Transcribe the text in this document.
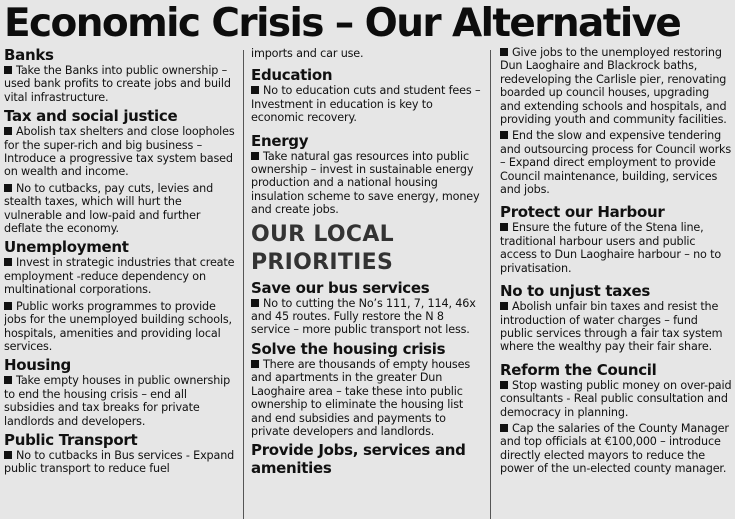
Economic Crisis – Our Alternative
Banks

Take the Banks into public ownership – used bank profits to create jobs and build vital infrastructure.

Tax and social justice

Abolish tax shelters and close loopholes for the super-rich and big business – Introduce a progressive tax system based on wealth and income.

No to cutbacks, pay cuts, levies and stealth taxes, which will hurt the vulnerable and low-paid and further deflate the economy.

Unemployment

Invest in strategic industries that create employment -reduce dependency on multinational corporations.

Public works programmes to provide jobs for the unemployed building schools, hospitals, amenities and providing local services.

Housing

Take empty houses in public ownership to end the housing crisis – end all subsidies and tax breaks for private landlords and developers.

Public Transport

No to cutbacks in Bus services - Expand public transport to reduce fuel

imports and car use.

Education

No to education cuts and student fees – Investment in education is key to economic recovery.

Energy

Take natural gas resources into public ownership – invest in sustainable energy production and a national housing insulation scheme to save energy, money and create jobs.

OUR LOCAL
PRIORITIES
Save our bus services

No to cutting the No’s 111, 7, 114, 46x and 45 routes. Fully restore the N 8 service – more public transport not less.

Solve the housing crisis

There are thousands of empty houses and apartments in the greater Dun Laoghaire area – take these into public ownership to eliminate the housing list and end subsidies and payments to private developers and landlords.

Provide Jobs, services and amenities

Give jobs to the unemployed restoring Dun Laoghaire and Blackrock baths, redeveloping the Carlisle pier, renovating boarded up council houses, upgrading and extending schools and hospitals, and providing youth and community facilities.

End the slow and expensive tendering and outsourcing process for Council works – Expand direct employment to provide Council maintenance, building, services and jobs.

Protect our Harbour

Ensure the future of the Stena line, traditional harbour users and public access to Dun Laoghaire harbour – no to privatisation.

No to unjust taxes

Abolish unfair bin taxes and resist the introduction of water charges – fund public services through a fair tax system where the wealthy pay their fair share.

Reform the Council

Stop wasting public money on over-paid consultants - Real public consultation and democracy in planning.

Cap the salaries of the County Manager and top officials at €100,000 – introduce directly elected mayors to reduce the power of the un-elected county manager.
